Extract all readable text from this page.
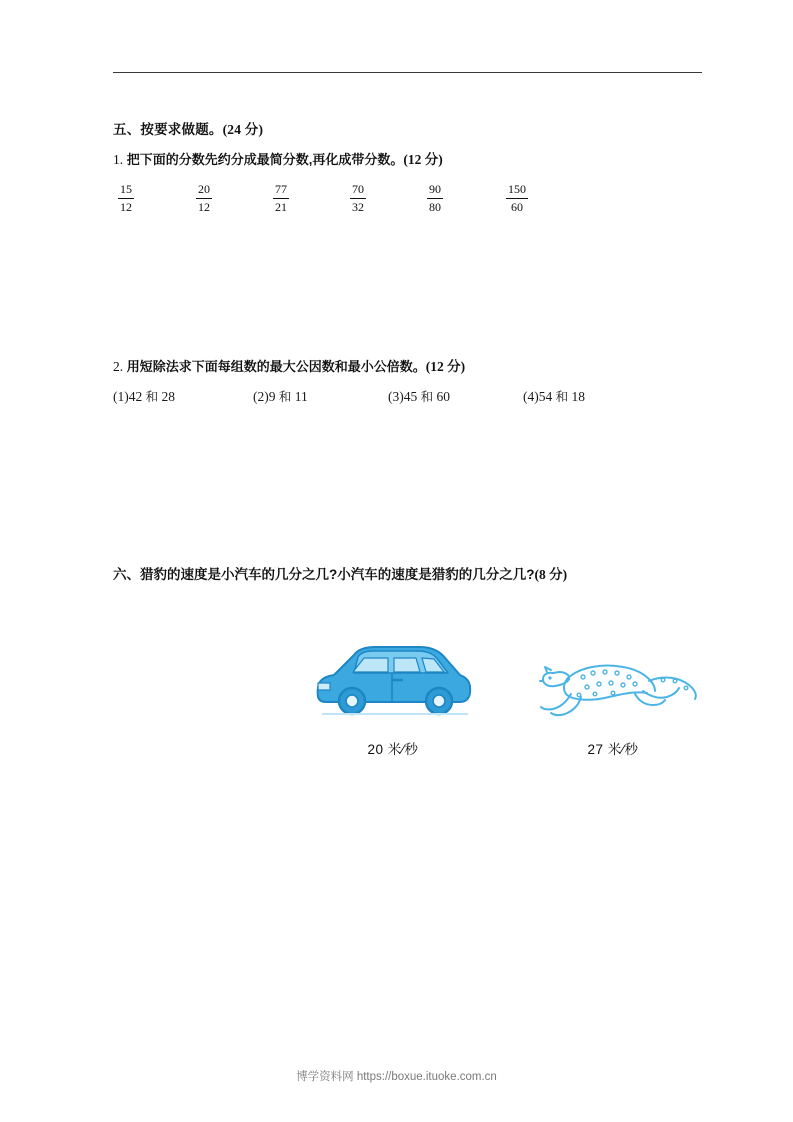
五、按要求做题。(24 分)
1. 把下面的分数先约分成最简分数,再化成带分数。(12 分)
15
12
20
12
77
21
70
32
90
80
150
60
2. 用短除法求下面每组数的最大公因数和最小公倍数。(12 分)
(1)42 和 28	(2)9 和 11	(3)45 和 60	(4)54 和 18
六、猎豹的速度是小汽车的几分之几?小汽车的速度是猎豹的几分之几?(8 分)
20 米∕秒	27 米∕秒
博学资料网 https://boxue.ituoke.com.cn
